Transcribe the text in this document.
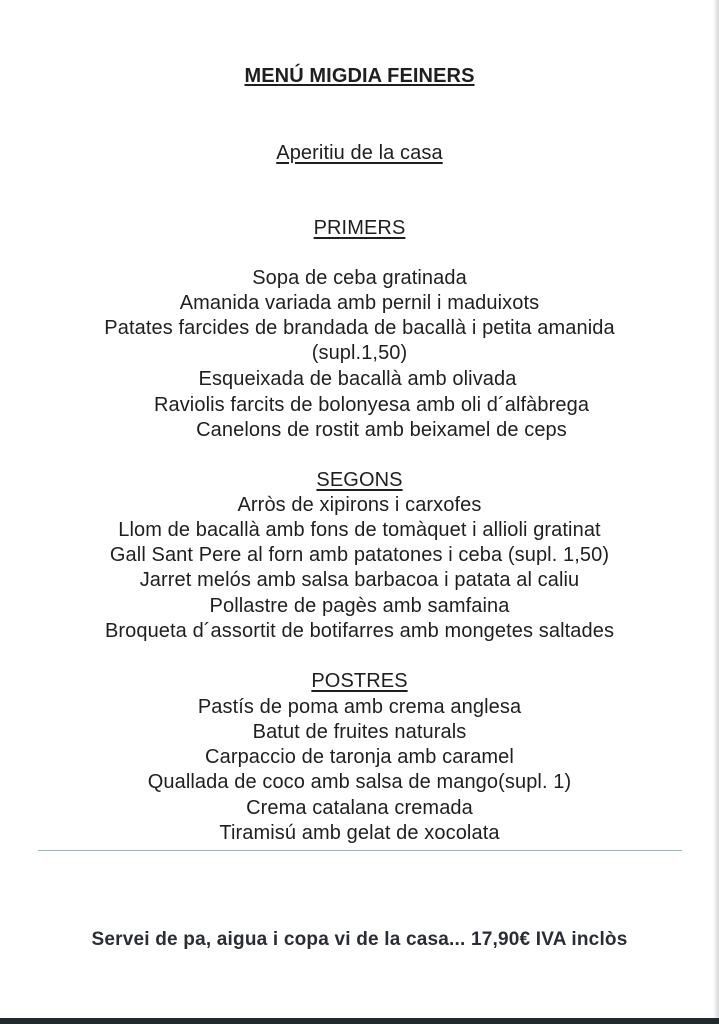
MENÚ MIGDIA FEINERS
Aperitiu de la casa
PRIMERS
Sopa de ceba gratinada
Amanida variada amb pernil i maduixots
Patates farcides de brandada de bacallà i petita amanida
(supl.1,50)
Esqueixada de bacallà amb olivada
Raviolis farcits de bolonyesa amb oli d´alfàbrega
Canelons de rostit amb beixamel de ceps
SEGONS
Arròs de xipirons i carxofes
Llom de bacallà amb fons de tomàquet i allioli gratinat
Gall Sant Pere al forn amb patatones i ceba (supl. 1,50)
Jarret melós amb salsa barbacoa i patata al caliu
Pollastre de pagès amb samfaina
Broqueta d´assortit de botifarres amb mongetes saltades
POSTRES
Pastís de poma amb crema anglesa
Batut de fruites naturals
Carpaccio de taronja amb caramel
Quallada de coco amb salsa de mango(supl. 1)
Crema catalana cremada
Tiramisú amb gelat de xocolata
Servei de pa, aigua i copa vi de la casa... 17,90€ IVA inclòs
